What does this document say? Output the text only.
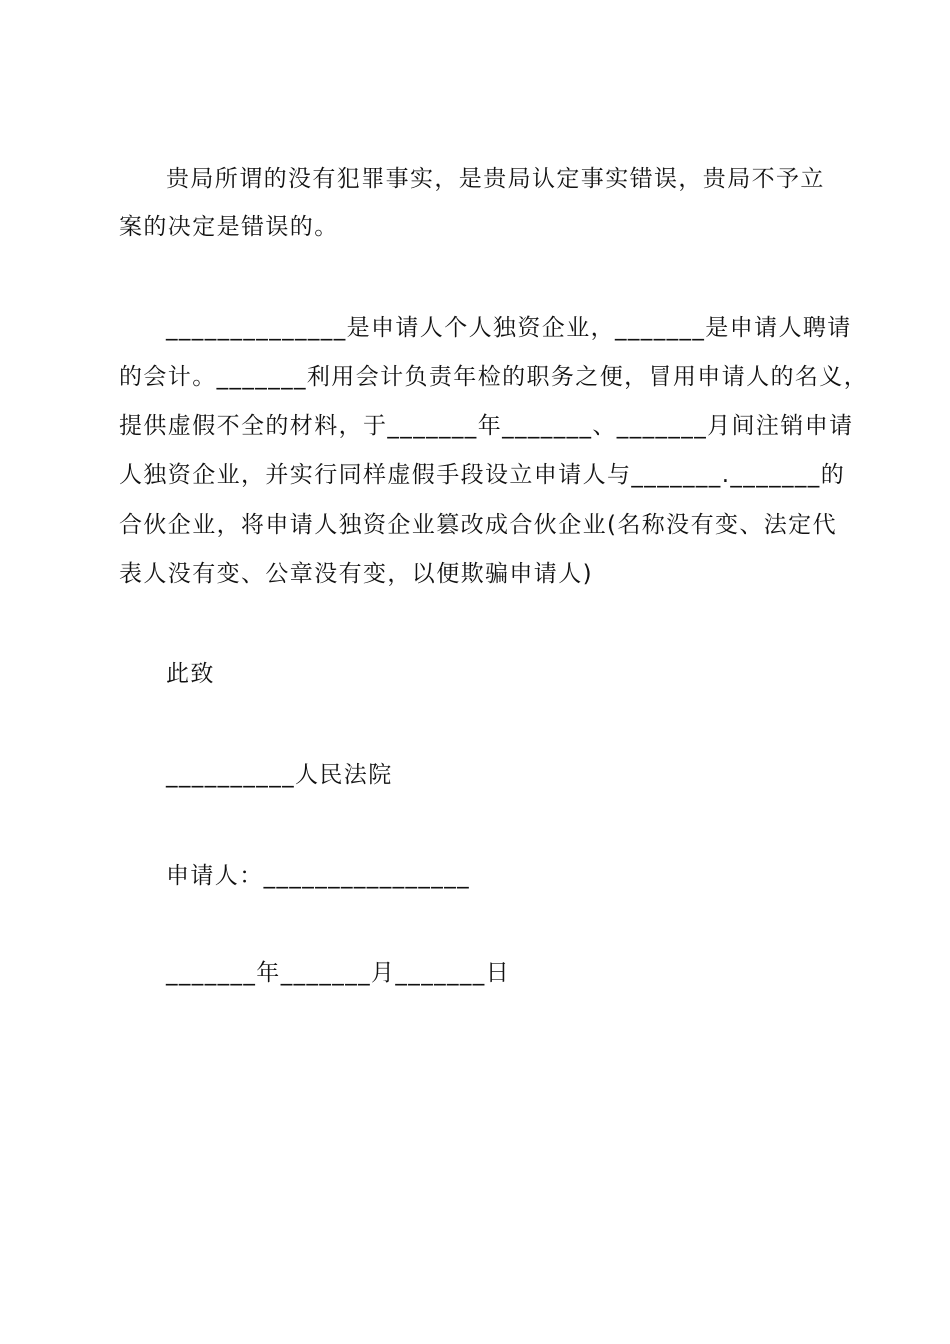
贵局所谓的没有犯罪事实，是贵局认定事实错误，贵局不予立
案的决定是错误的。
______________是申请人个人独资企业，_______是申请人聘请
的会计。_______利用会计负责年检的职务之便，冒用申请人的名义，
提供虚假不全的材料，于_______年_______、_______月间注销申请
人独资企业，并实行同样虚假手段设立申请人与_______._______的
合伙企业，将申请人独资企业篡改成合伙企业(名称没有变、法定代
表人没有变、公章没有变，以便欺骗申请人)
此致
__________人民法院
申请人：________________
_______年_______月_______日
